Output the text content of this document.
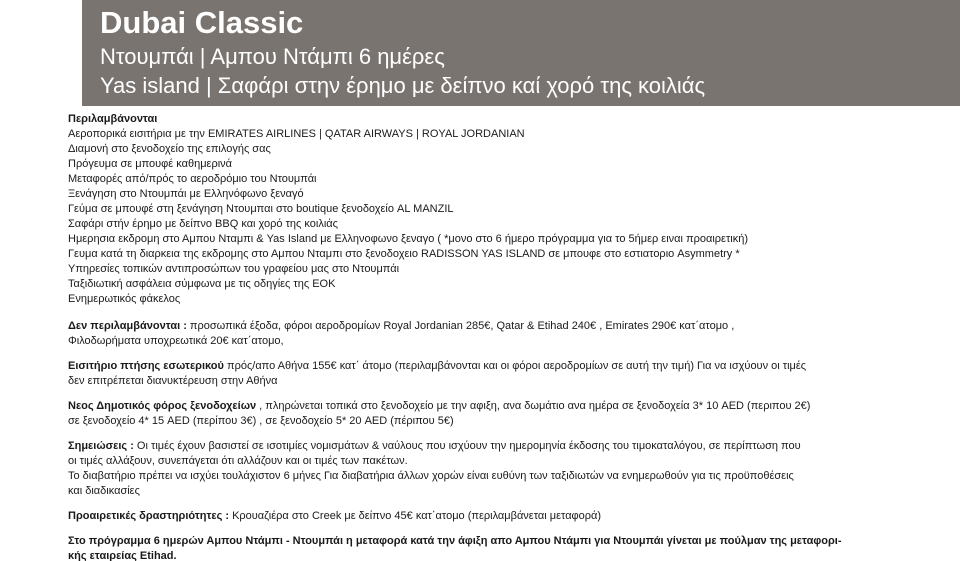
Dubai Classic
Ντουμπάι | Αμπου Ντάμπι 6 ημέρες
Yas island | Σαφάρι στην έρημο με δείπνο καί χορό της κοιλιάς
Περιλαμβάνονται
Αεροπορικά εισιτήρια με την EMIRATES AIRLINES | QATAR AIRWAYS | ROYAL JORDANIAN
Διαμονή στο ξενοδοχείο της επιλογής σας
Πρόγευμα σε μπουφέ καθημερινά
Μεταφορές από/πρός το αεροδρόμιο του Ντουμπάι
Ξενάγηση στο Ντουμπάι με Ελληνόφωνο ξεναγό
Γεύμα σε μπουφέ στη ξενάγηση Ντουμπαι στο boutique ξενοδοχείο AL MANZIL
Σαφάρι στήν έρημο με δείπνο BBQ και χορό της κοιλιάς
Ημερησια εκδρομη στο Αμπου Νταμπι & Yas Island με Ελληνοφωνο ξεναγο ( *μονο στο 6 ήμερο πρόγραμμα για το 5ήμερ ειναι προαιρετική)
Γευμα κατά τη διαρκεια της εκδρομης στο Αμπου Νταμπι στο ξενοδοχειο RADISSON YAS ISLAND σε μπουφε στο εστιατοριο Asymmetry *
Υπηρεσίες τοπικών αντιπροσώπων του γραφείου μας στο Ντουμπάι
Ταξιδιωτική ασφάλεια σύμφωνα με τις οδηγίες της ΕΟΚ
Ενημερωτικός φάκελος
Δεν περιλαμβάνονται : προσωπικά έξοδα, φόροι αεροδρομίων Royal Jordanian 285€, Qatar & Etihad 240€ , Emirates 290€ κατ΄ατομο ,
Φιλοδωρήματα υποχρεωτικά 20€ κατ΄ατομο,
Εισιτήριο πτήσης εσωτερικού πρός/απο Αθήνα 155€ κατ΄ άτομο (περιλαμβάνονται και οι φόροι αεροδρομίων σε αυτή την τιμή) Για να ισχύουν οι τιμές
δεν επιτρέπεται διανυκτέρευση στην Αθήνα
Νεος Δημοτικός φόρος ξενοδοχείων , πληρώνεται τοπικά στο ξενοδοχείο με την αφιξη, ανα δωμάτιο ανα ημέρα σε ξενοδοχεία 3* 10 AED (περιπου 2€)
σε ξενοδοχείο 4* 15 AED (περίπου 3€) , σε ξενοδοχείο 5* 20 AED (πέριπου 5€)
Σημειώσεις : Οι τιμές έχουν βασιστεί σε ισοτιμίες νομισμάτων & ναύλους που ισχύουν την ημερομηνία έκδοσης του τιμοκαταλόγου, σε περίπτωση που
οι τιμές αλλάξουν, συνεπάγεται ότι αλλάζουν και οι τιμές των πακέτων.
Το διαβατήριο πρέπει να ισχύει τουλάχιστον 6 μήνες Για διαβατήρια άλλων χορών είναι ευθύνη των ταξιδιωτών να ενημερωθούν για τις προϋποθέσεις
και διαδικασίες
Προαιρετικές δραστηριότητες : Κρουαζιέρα στο Creek με δείπνο 45€ κατ΄ατομο (περιλαμβάνεται μεταφορά)
Στο πρόγραμμα 6 ημερών Αμπου Ντάμπι - Ντουμπάι η μεταφορά κατά την άφιξη απο Αμπου Ντάμπι για Ντουμπάι γίνεται με πούλμαν της μεταφορι-
κής εταιρείας Etihad.
